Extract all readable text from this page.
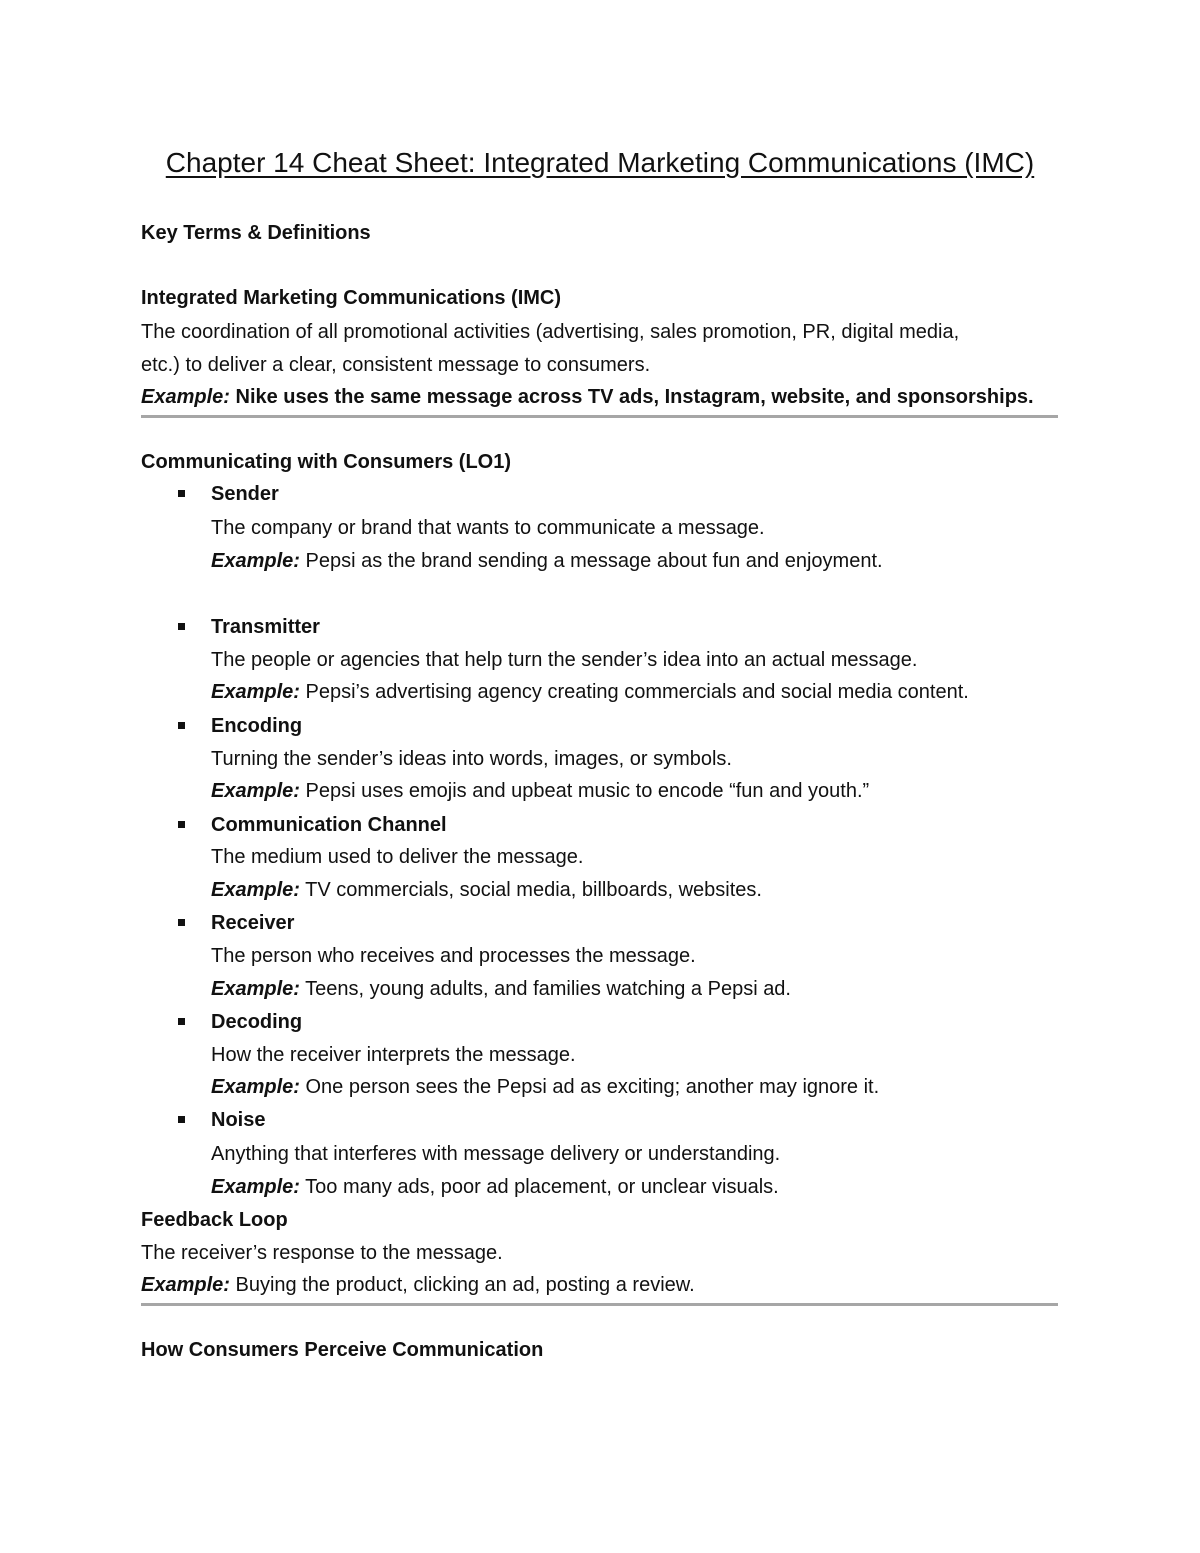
Chapter 14 Cheat Sheet: Integrated Marketing Communications (IMC)
Key Terms & Definitions
Integrated Marketing Communications (IMC)
The coordination of all promotional activities (advertising, sales promotion, PR, digital media,
etc.) to deliver a clear, consistent message to consumers.
Example: Nike uses the same message across TV ads, Instagram, website, and sponsorships.
Communicating with Consumers (LO1)
Sender
The company or brand that wants to communicate a message.
Example: Pepsi as the brand sending a message about fun and enjoyment.
Transmitter
The people or agencies that help turn the sender’s idea into an actual message.
Example: Pepsi’s advertising agency creating commercials and social media content.
Encoding
Turning the sender’s ideas into words, images, or symbols.
Example: Pepsi uses emojis and upbeat music to encode “fun and youth.”
Communication Channel
The medium used to deliver the message.
Example: TV commercials, social media, billboards, websites.
Receiver
The person who receives and processes the message.
Example: Teens, young adults, and families watching a Pepsi ad.
Decoding
How the receiver interprets the message.
Example: One person sees the Pepsi ad as exciting; another may ignore it.
Noise
Anything that interferes with message delivery or understanding.
Example: Too many ads, poor ad placement, or unclear visuals.
Feedback Loop
The receiver’s response to the message.
Example: Buying the product, clicking an ad, posting a review.
How Consumers Perceive Communication
